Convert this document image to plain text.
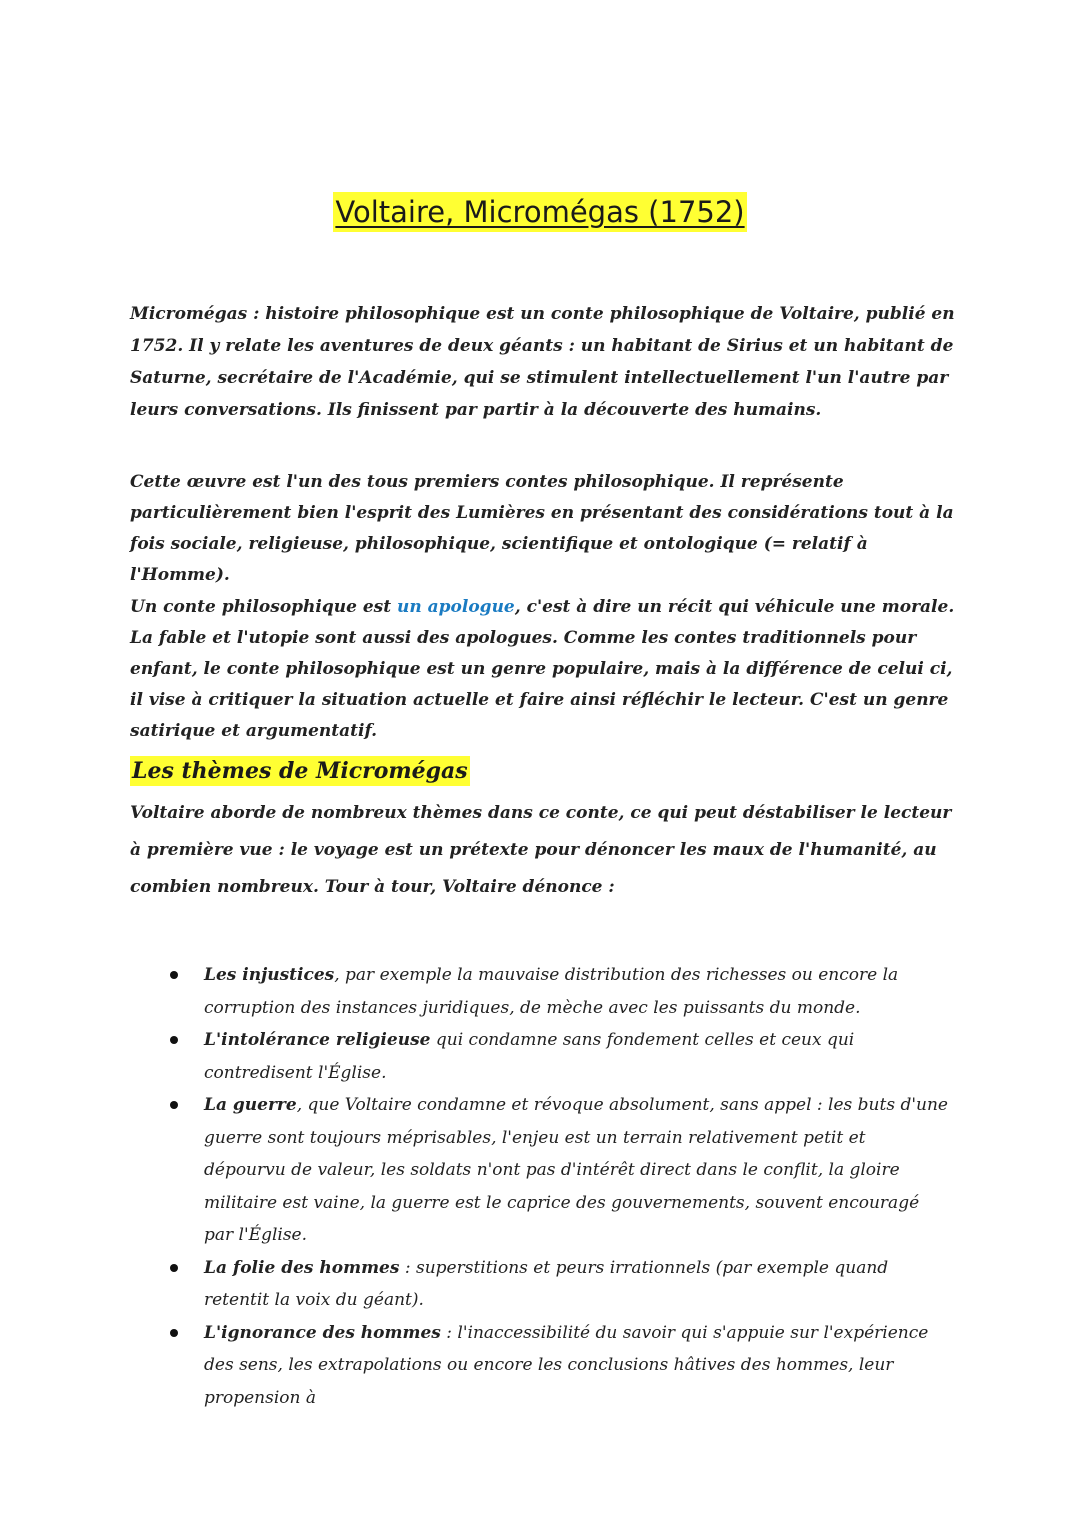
Voltaire, Micromégas (1752)

Micromégas : histoire philosophique est un conte philosophique de Voltaire, publié en 1752. Il y relate les aventures de deux géants : un habitant de Sirius et un habitant de Saturne, secrétaire de l'Académie, qui se stimulent intellectuellement l'un l'autre par leurs conversations. Ils finissent par partir à la découverte des humains.

Cette œuvre est l'un des tous premiers contes philosophique. Il représente particulièrement bien l'esprit des Lumières en présentant des considérations tout à la fois sociale, religieuse, philosophique, scientifique et ontologique (= relatif à l'Homme).

Un conte philosophique est un apologue, c'est à dire un récit qui véhicule une morale. La fable et l'utopie sont aussi des apologues. Comme les contes traditionnels pour enfant, le conte philosophique est un genre populaire, mais à la différence de celui ci, il vise à critiquer la situation actuelle et faire ainsi réfléchir le lecteur. C'est un genre satirique et argumentatif.

Les thèmes de Micromégas

Voltaire aborde de nombreux thèmes dans ce conte, ce qui peut déstabiliser le lecteur à première vue : le voyage est un prétexte pour dénoncer les maux de l'humanité, au combien nombreux. Tour à tour, Voltaire dénonce :

Les injustices, par exemple la mauvaise distribution des richesses ou encore la corruption des instances juridiques, de mèche avec les puissants du monde.
L'intolérance religieuse qui condamne sans fondement celles et ceux qui contredisent l'Église.
La guerre, que Voltaire condamne et révoque absolument, sans appel : les buts d'une guerre sont toujours méprisables, l'enjeu est un terrain relativement petit et dépourvu de valeur, les soldats n'ont pas d'intérêt direct dans le conflit, la gloire militaire est vaine, la guerre est le caprice des gouvernements, souvent encouragé par l'Église.
La folie des hommes : superstitions et peurs irrationnels (par exemple quand retentit la voix du géant).
L'ignorance des hommes : l'inaccessibilité du savoir qui s'appuie sur l'expérience des sens, les extrapolations ou encore les conclusions hâtives des hommes, leur propension à
